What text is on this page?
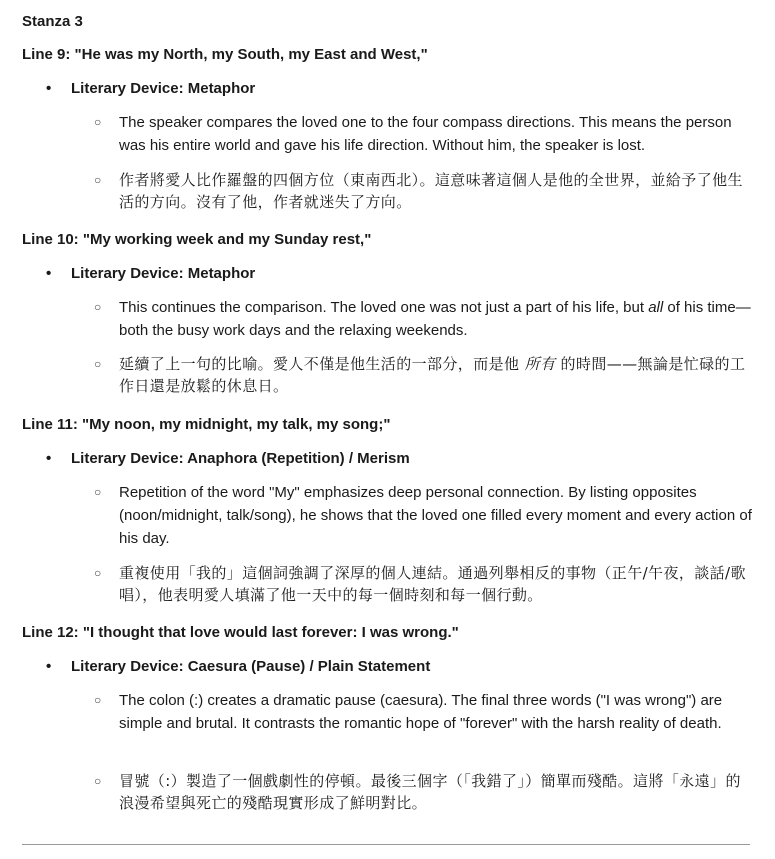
Stanza 3
Line 9: "He was my North, my South, my East and West,"
• Literary Device: Metaphor
○	The speaker compares the loved one to the four compass directions. This means the person was his entire world and gave his life direction. Without him, the speaker is lost.
○	作者將愛人比作羅盤的四個方位（東南西北）。這意味著這個人是他的全世界，並給予了他生活的方向。沒有了他，作者就迷失了方向。
Line 10: "My working week and my Sunday rest,"
• Literary Device: Metaphor
○	This continues the comparison. The loved one was not just a part of his life, but all of his time—both the busy work days and the relaxing weekends.
○	延續了上一句的比喻。愛人不僅是他生活的一部分，而是他 所有 的時間——無論是忙碌的工作日還是放鬆的休息日。
Line 11: "My noon, my midnight, my talk, my song;"
• Literary Device: Anaphora (Repetition) / Merism
○	Repetition of the word "My" emphasizes deep personal connection. By listing opposites (noon/midnight, talk/song), he shows that the loved one filled every moment and every action of his day.
○	重複使用「我的」這個詞強調了深厚的個人連結。通過列舉相反的事物（正午/午夜，談話/歌唱），他表明愛人填滿了他一天中的每一個時刻和每一個行動。
Line 12: "I thought that love would last forever: I was wrong."
• Literary Device: Caesura (Pause) / Plain Statement
○	The colon (:) creates a dramatic pause (caesura). The final three words ("I was wrong") are simple and brutal. It contrasts the romantic hope of "forever" with the harsh reality of death.
○	冒號（:）製造了一個戲劇性的停頓。最後三個字（「我錯了」）簡單而殘酷。這將「永遠」的浪漫希望與死亡的殘酷現實形成了鮮明對比。
